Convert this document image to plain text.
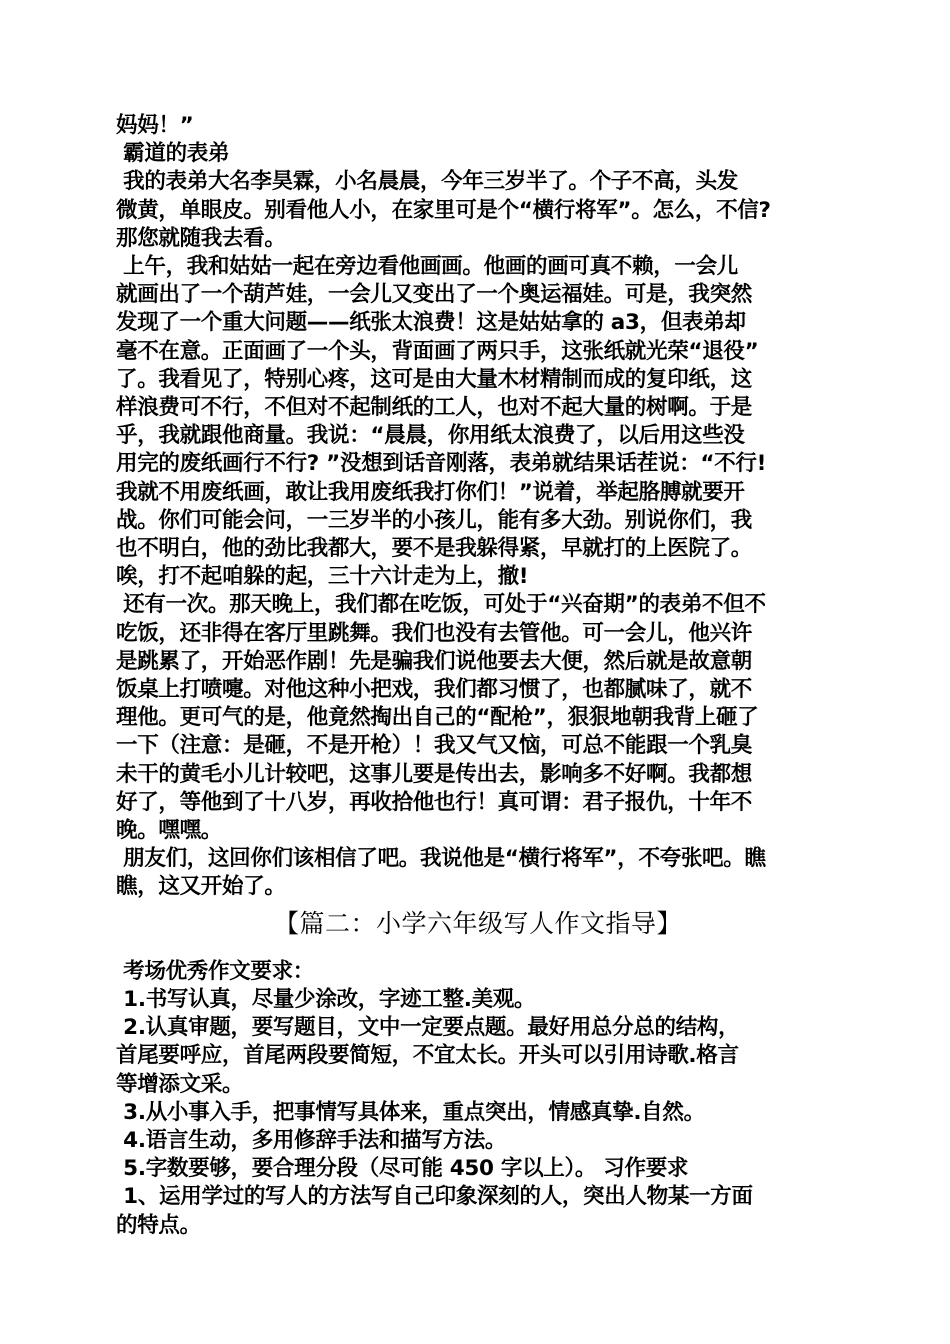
妈妈！”
霸道的表弟
我的表弟大名李昊霖，小名晨晨，今年三岁半了。个子不高，头发
微黄，单眼皮。别看他人小，在家里可是个“横行将军”。怎么，不信?
那您就随我去看。
上午，我和姑姑一起在旁边看他画画。他画的画可真不赖，一会儿
就画出了一个葫芦娃，一会儿又变出了一个奥运福娃。可是，我突然
发现了一个重大问题——纸张太浪费！这是姑姑拿的 a3，但表弟却
毫不在意。正面画了一个头，背面画了两只手，这张纸就光荣“退役”
了。我看见了，特别心疼，这可是由大量木材精制而成的复印纸，这
样浪费可不行，不但对不起制纸的工人，也对不起大量的树啊。于是
乎，我就跟他商量。我说：“晨晨，你用纸太浪费了，以后用这些没
用完的废纸画行不行? ”没想到话音刚落，表弟就结果话茬说：“不行!
我就不用废纸画，敢让我用废纸我打你们！”说着，举起胳膊就要开
战。你们可能会问，一三岁半的小孩儿，能有多大劲。别说你们，我
也不明白，他的劲比我都大，要不是我躲得紧，早就打的上医院了。
唉，打不起咱躲的起，三十六计走为上，撤!
还有一次。那天晚上，我们都在吃饭，可处于“兴奋期”的表弟不但不
吃饭，还非得在客厅里跳舞。我们也没有去管他。可一会儿，他兴许
是跳累了，开始恶作剧！先是骗我们说他要去大便，然后就是故意朝
饭桌上打喷嚏。对他这种小把戏，我们都习惯了，也都腻味了，就不
理他。更可气的是，他竟然掏出自己的“配枪”，狠狠地朝我背上砸了
一下（注意：是砸，不是开枪）！我又气又恼，可总不能跟一个乳臭
未干的黄毛小儿计较吧，这事儿要是传出去，影响多不好啊。我都想
好了，等他到了十八岁，再收拾他也行！真可谓：君子报仇，十年不
晚。嘿嘿。
朋友们，这回你们该相信了吧。我说他是“横行将军”，不夸张吧。瞧
瞧，这又开始了。
【篇二：小学六年级写人作文指导】
考场优秀作文要求：
1.书写认真，尽量少涂改，字迹工整.美观。
2.认真审题，要写题目，文中一定要点题。最好用总分总的结构，
首尾要呼应，首尾两段要简短，不宜太长。开头可以引用诗歌.格言
等增添文采。
3.从小事入手，把事情写具体来，重点突出，情感真挚.自然。
4.语言生动，多用修辞手法和描写方法。
5.字数要够，要合理分段（尽可能 450 字以上）。 习作要求
1、运用学过的写人的方法写自己印象深刻的人，突出人物某一方面
的特点。
